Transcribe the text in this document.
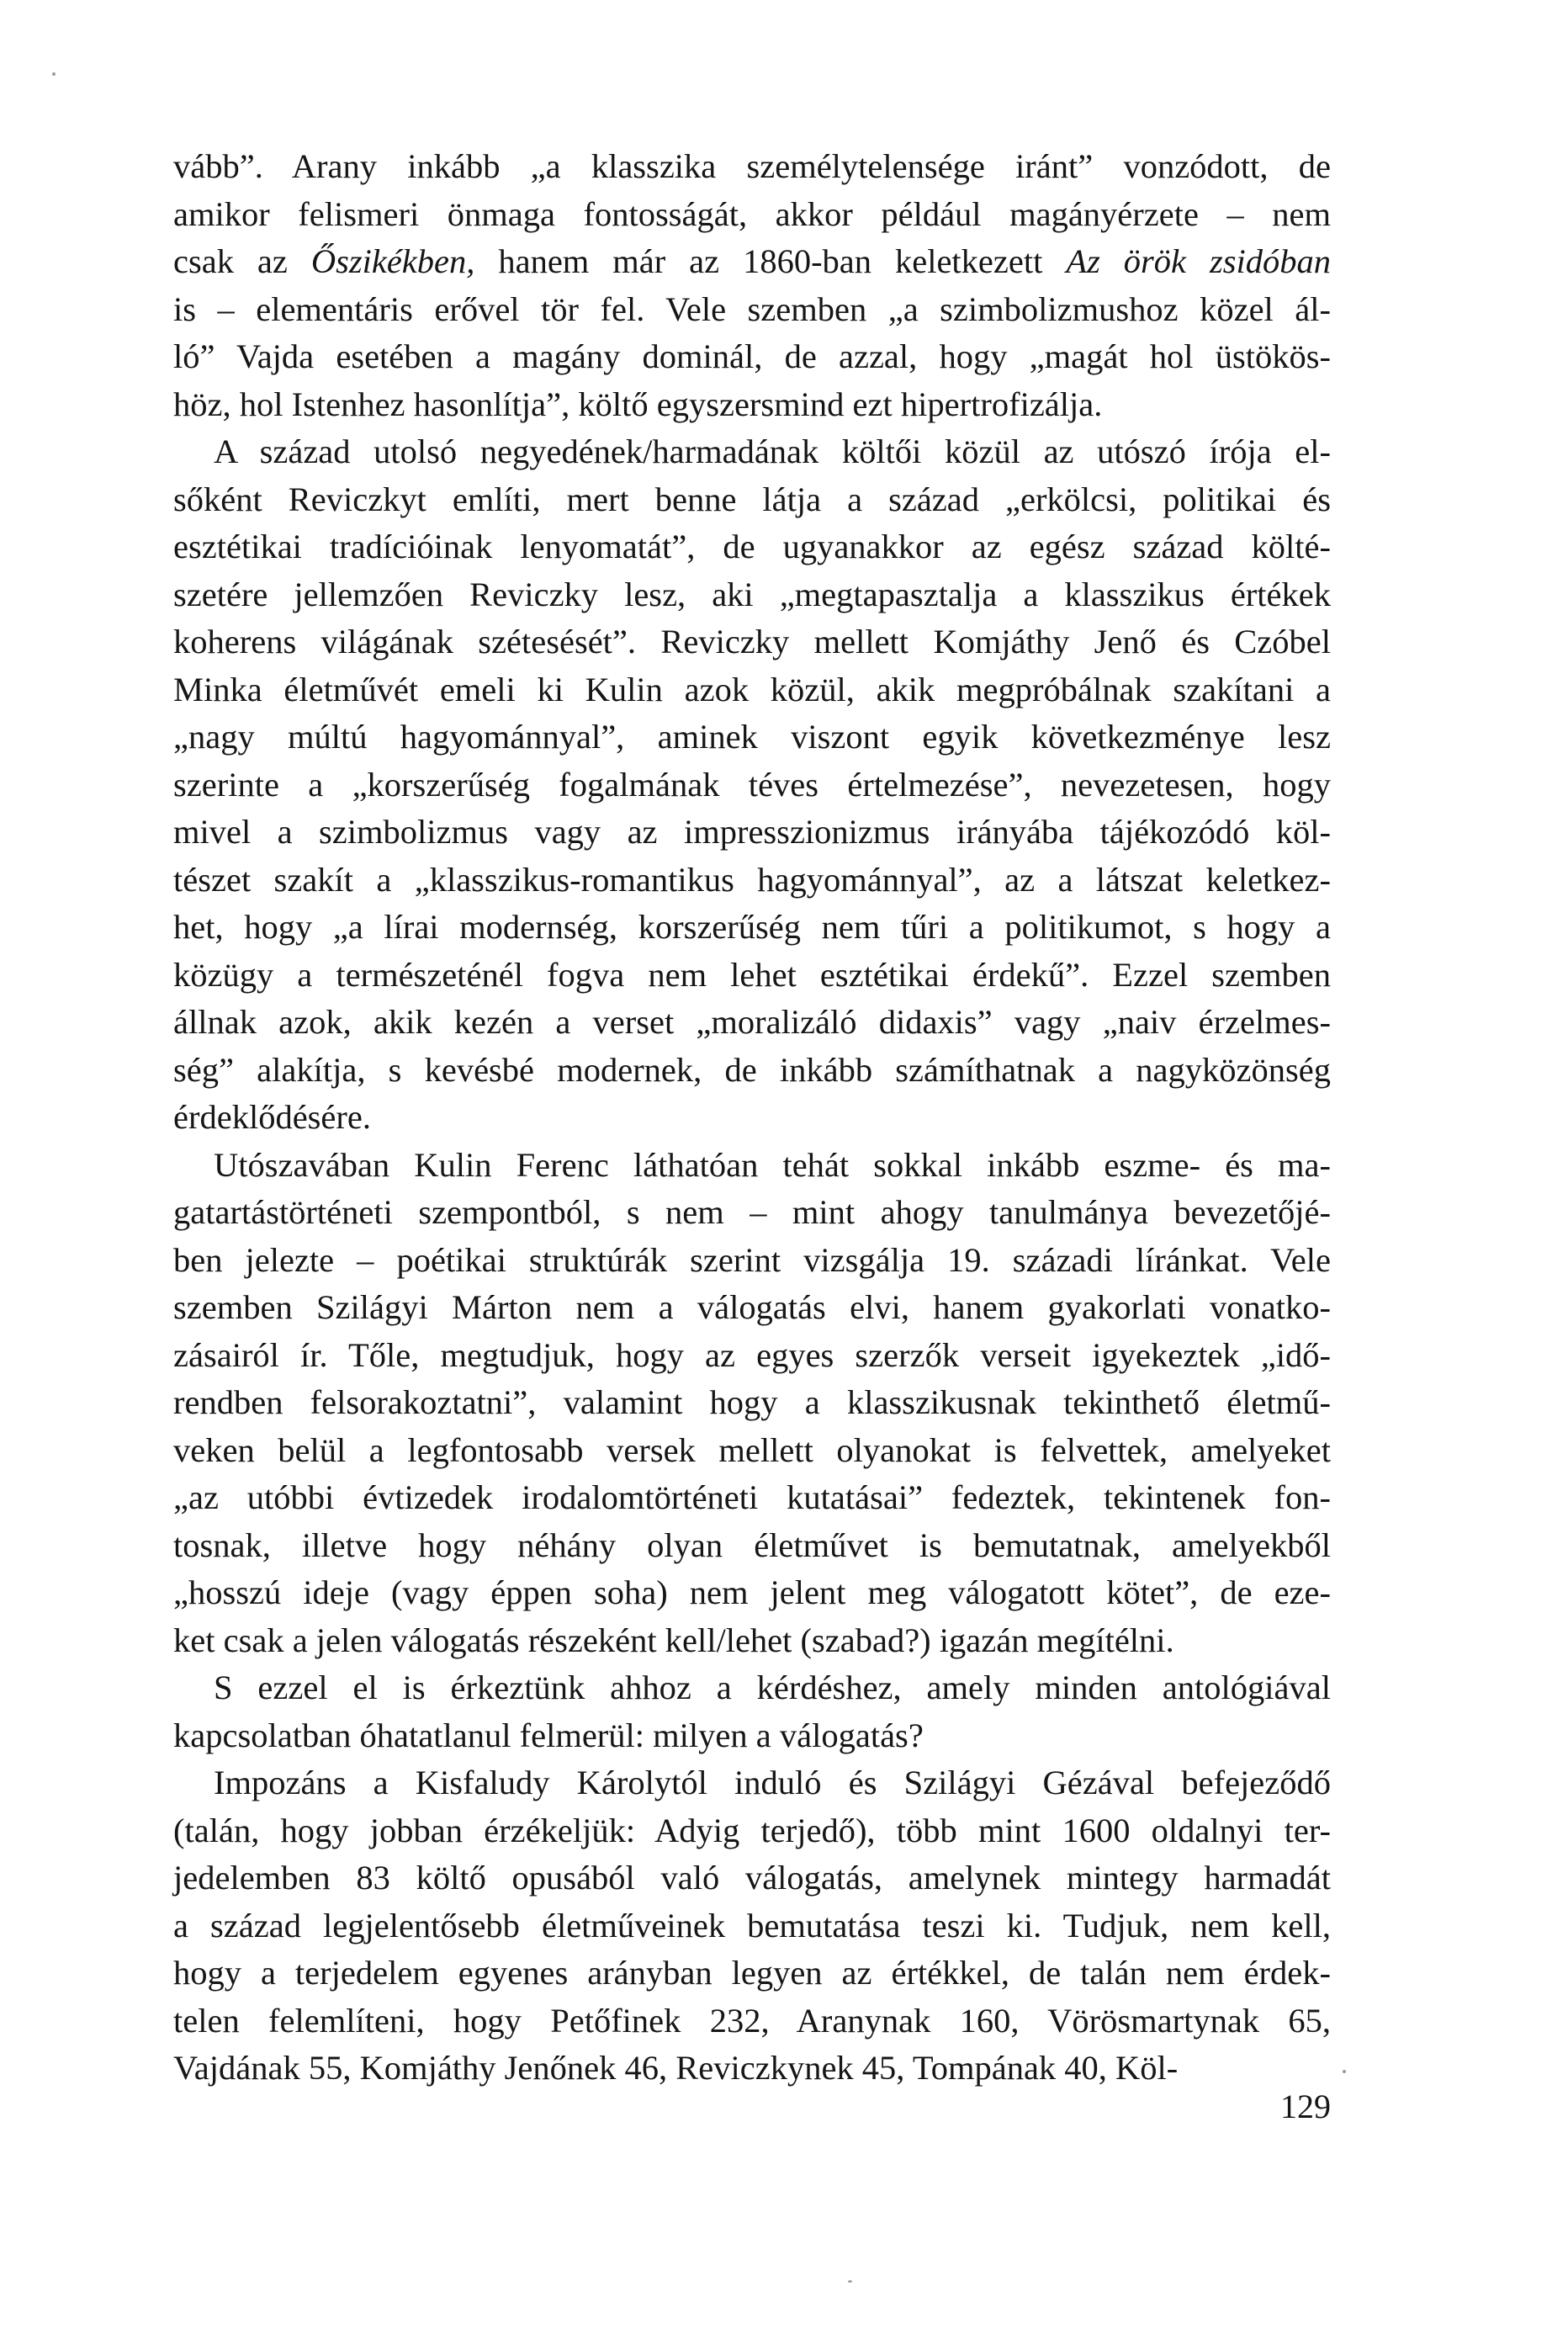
vább”. Arany inkább „a klasszika személytelensége iránt” vonzódott, de
amikor felismeri önmaga fontosságát, akkor például magányérzete – nem
csak az Őszikékben, hanem már az 1860-ban keletkezett Az örök zsidóban
is – elementáris erővel tör fel. Vele szemben „a szimbolizmushoz közel ál-
ló” Vajda esetében a magány dominál, de azzal, hogy „magát hol üstökös-
höz, hol Istenhez hasonlítja”, költő egyszersmind ezt hipertrofizálja.

A század utolsó negyedének/harmadának költői közül az utószó írója el-
sőként Reviczkyt említi, mert benne látja a század „erkölcsi, politikai és
esztétikai tradícióinak lenyomatát”, de ugyanakkor az egész század költé-
szetére jellemzően Reviczky lesz, aki „megtapasztalja a klasszikus értékek
koherens világának szétesését”. Reviczky mellett Komjáthy Jenő és Czóbel
Minka életművét emeli ki Kulin azok közül, akik megpróbálnak szakítani a
„nagy múltú hagyománnyal”, aminek viszont egyik következménye lesz
szerinte a „korszerűség fogalmának téves értelmezése”, nevezetesen, hogy
mivel a szimbolizmus vagy az impresszionizmus irányába tájékozódó köl-
tészet szakít a „klasszikus-romantikus hagyománnyal”, az a látszat keletkez-
het, hogy „a lírai modernség, korszerűség nem tűri a politikumot, s hogy a
közügy a természeténél fogva nem lehet esztétikai érdekű”. Ezzel szemben
állnak azok, akik kezén a verset „moralizáló didaxis” vagy „naiv érzelmes-
ség” alakítja, s kevésbé modernek, de inkább számíthatnak a nagyközönség
érdeklődésére.

Utószavában Kulin Ferenc láthatóan tehát sokkal inkább eszme- és ma-
gatartástörténeti szempontból, s nem – mint ahogy tanulmánya bevezetőjé-
ben jelezte – poétikai struktúrák szerint vizsgálja 19. századi líránkat. Vele
szemben Szilágyi Márton nem a válogatás elvi, hanem gyakorlati vonatko-
zásairól ír. Tőle, megtudjuk, hogy az egyes szerzők verseit igyekeztek „idő-
rendben felsorakoztatni”, valamint hogy a klasszikusnak tekinthető életmű-
veken belül a legfontosabb versek mellett olyanokat is felvettek, amelyeket
„az utóbbi évtizedek irodalomtörténeti kutatásai” fedeztek, tekintenek fon-
tosnak, illetve hogy néhány olyan életművet is bemutatnak, amelyekből
„hosszú ideje (vagy éppen soha) nem jelent meg válogatott kötet”, de eze-
ket csak a jelen válogatás részeként kell/lehet (szabad?) igazán megítélni.

S ezzel el is érkeztünk ahhoz a kérdéshez, amely minden antológiával
kapcsolatban óhatatlanul felmerül: milyen a válogatás?

Impozáns a Kisfaludy Károlytól induló és Szilágyi Gézával befejeződő
(talán, hogy jobban érzékeljük: Adyig terjedő), több mint 1600 oldalnyi ter-
jedelemben 83 költő opusából való válogatás, amelynek mintegy harmadát
a század legjelentősebb életműveinek bemutatása teszi ki. Tudjuk, nem kell,
hogy a terjedelem egyenes arányban legyen az értékkel, de talán nem érdek-
telen felemlíteni, hogy Petőfinek 232, Aranynak 160, Vörösmartynak 65,
Vajdának 55, Komjáthy Jenőnek 46, Reviczkynek 45, Tompának 40, Köl-

129
